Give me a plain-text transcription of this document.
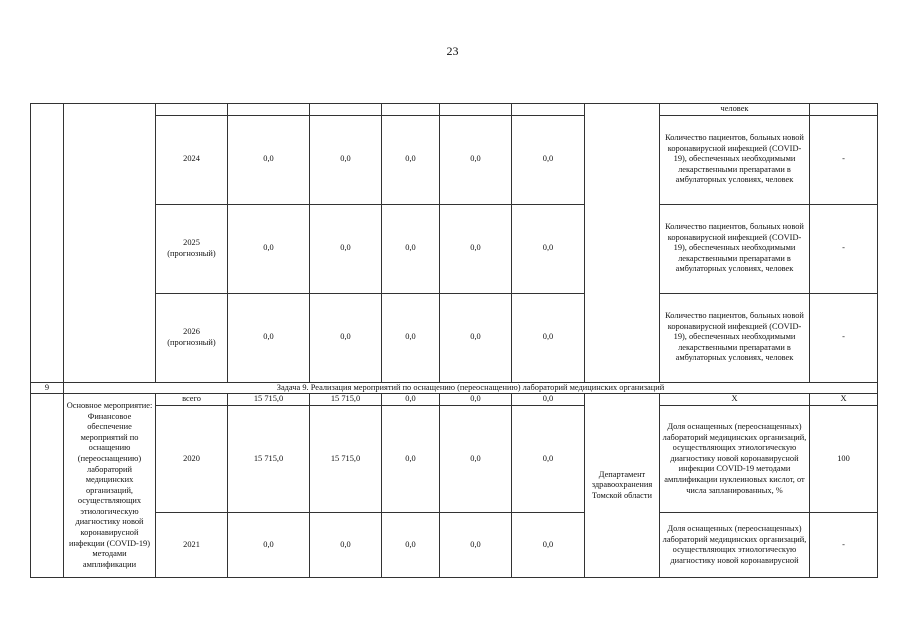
23
									человек	
		2024	0,0	0,0	0,0	0,0	0,0		Количество пациентов, больных новой коронавирусной инфекцией (COVID-19), обеспеченных необходимыми лекарственными препаратами в амбулаторных условиях, человек	-
		2025 (прогнозный)	0,0	0,0	0,0	0,0	0,0		Количество пациентов, больных новой коронавирусной инфекцией (COVID-19), обеспеченных необходимыми лекарственными препаратами в амбулаторных условиях, человек	-
		2026 (прогнозный)	0,0	0,0	0,0	0,0	0,0		Количество пациентов, больных новой коронавирусной инфекцией (COVID-19), обеспеченных необходимыми лекарственными препаратами в амбулаторных условиях, человек	-
9	Задача 9. Реализация мероприятий по оснащению (переоснащению) лабораторий медицинских организаций									
	Основное мероприятие: Финансовое обеспечение мероприятий по оснащению (переоснащению) лабораторий медицинских организаций, осуществляющих этиологическую диагностику новой коронавирусной инфекции (COVID-19) методами амплификации	всего	15 715,0	15 715,0	0,0	0,0	0,0	Департамент здравоохранения Томской области	Х	Х
		2020	15 715,0	15 715,0	0,0	0,0	0,0		Доля оснащенных (переоснащенных) лабораторий медицинских организаций, осуществляющих этиологическую диагностику новой коронавирусной инфекции COVID-19 методами амплификации нуклеиновых кислот, от числа запланированных, %	100
		2021	0,0	0,0	0,0	0,0	0,0		Доля оснащенных (переоснащенных) лабораторий медицинских организаций, осуществляющих этиологическую диагностику новой коронавирусной	-
